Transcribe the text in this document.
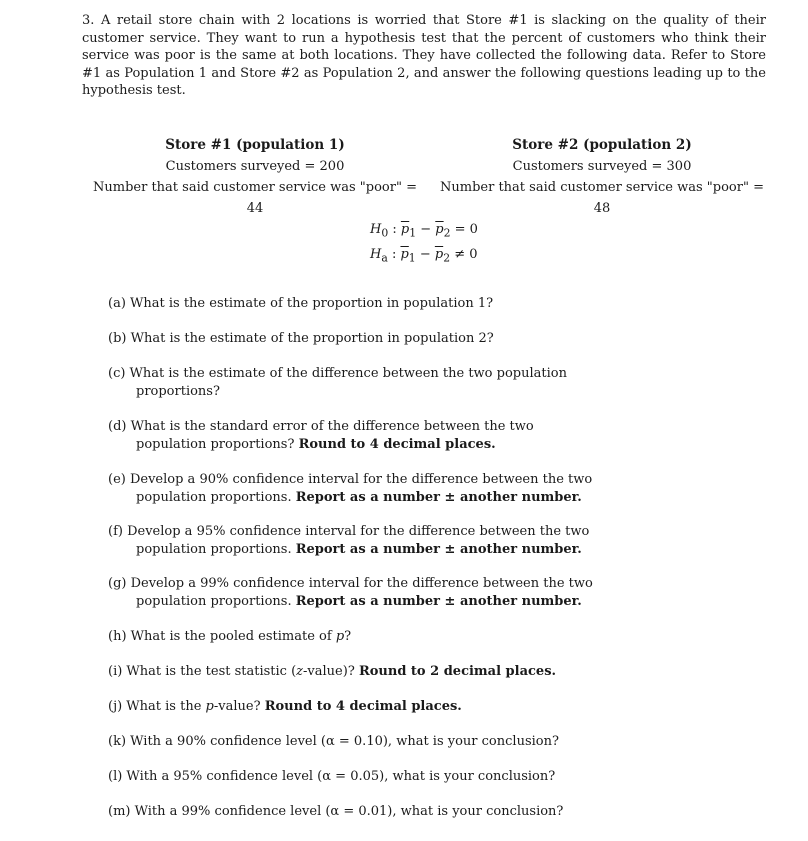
3. A retail store chain with 2 locations is worried that Store #1 is slacking on the quality of their customer service. They want to run a hypothesis test that the percent of customers who think their service was poor is the same at both locations. They have collected the following data. Refer to Store #1 as Population 1 and Store #2 as Population 2, and answer the following questions leading up to the hypothesis test.
Store #1 (population 1)
Customers surveyed = 200
Number that said customer service was "poor" = 44
Store #2 (population 2)
Customers surveyed = 300
Number that said customer service was "poor" = 48
$H_0$ : $\overline{p}_1 - \overline{p}_2 = 0$
$H_a$ : $\overline{p}_1 - \overline{p}_2 \ne 0$
(a) What is the estimate of the proportion in population 1?
(b) What is the estimate of the proportion in population 2?
(c) What is the estimate of the difference between the two population
proportions?
(d) What is the standard error of the difference between the two
population proportions? Round to 4 decimal places.
(e) Develop a 90% confidence interval for the difference between the two
population proportions. Report as a number ± another number.
(f) Develop a 95% confidence interval for the difference between the two
population proportions. Report as a number ± another number.
(g) Develop a 99% confidence interval for the difference between the two
population proportions. Report as a number ± another number.
(h) What is the pooled estimate of p?
(i) What is the test statistic (z-value)? Round to 2 decimal places.
(j) What is the p-value? Round to 4 decimal places.
(k) With a 90% confidence level (α = 0.10), what is your conclusion?
(l) With a 95% confidence level (α = 0.05), what is your conclusion?
(m) With a 99% confidence level (α = 0.01), what is your conclusion?
